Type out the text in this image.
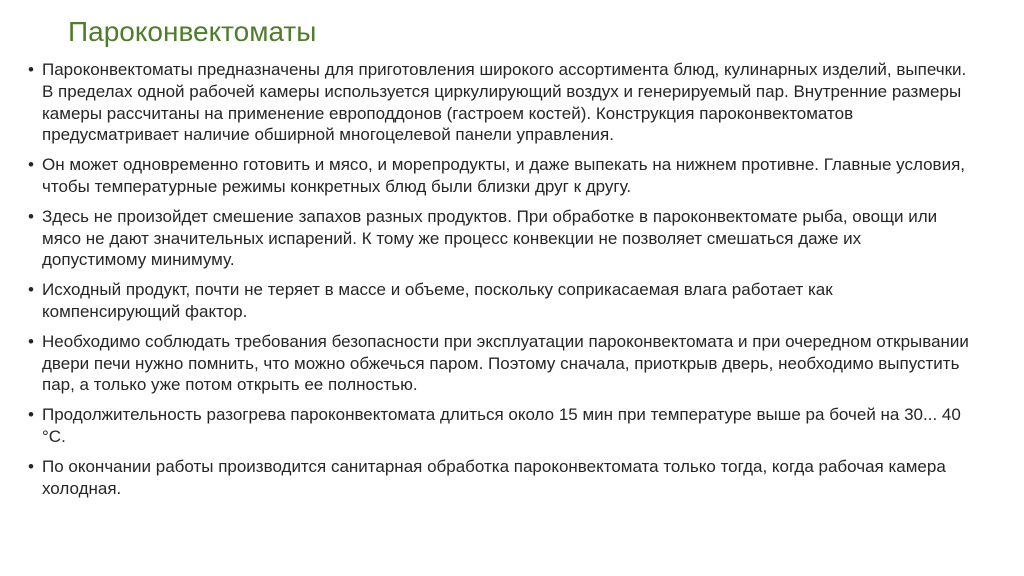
Пароконвектоматы
• Пароконвектоматы предназначены для приготовления широкого ассортимента блюд, кулинарных изделий, выпечки. В пределах одной рабочей камеры используется циркулирующий воздух и генерируемый пар. Внутренние размеры камеры рассчитаны на применение европоддонов (гастроем костей). Конструкция пароконвектоматов предусматривает наличие обширной многоцелевой панели управления.
• Он может одновременно готовить и мясо, и морепродукты, и даже выпекать на нижнем противне. Главные условия, чтобы температурные режимы конкретных блюд были близки друг к другу.
• Здесь не произойдет смешение запахов разных продуктов. При обработке в пароконвектомате рыба, овощи или мясо не дают значительных испарений. К тому же процесс конвекции не позволяет смешаться даже их допустимому минимуму.
• Исходный продукт, почти не теряет в массе и объеме, поскольку соприкасаемая влага работает как компенсирующий фактор.
• Необходимо соблюдать требования безопасности при эксплуатации пароконвектомата и при очередном открывании двери печи нужно помнить, что можно обжечься паром. Поэтому сначала, приоткрыв дверь, необходимо выпустить пар, а только уже потом открыть ее полностью.
• Продолжительность разогрева пароконвектомата длиться около 15 мин при температуре выше ра бочей на 30... 40 °С.
• По окончании работы производится санитарная обработка пароконвектомата только тогда, когда рабочая камера холодная.
